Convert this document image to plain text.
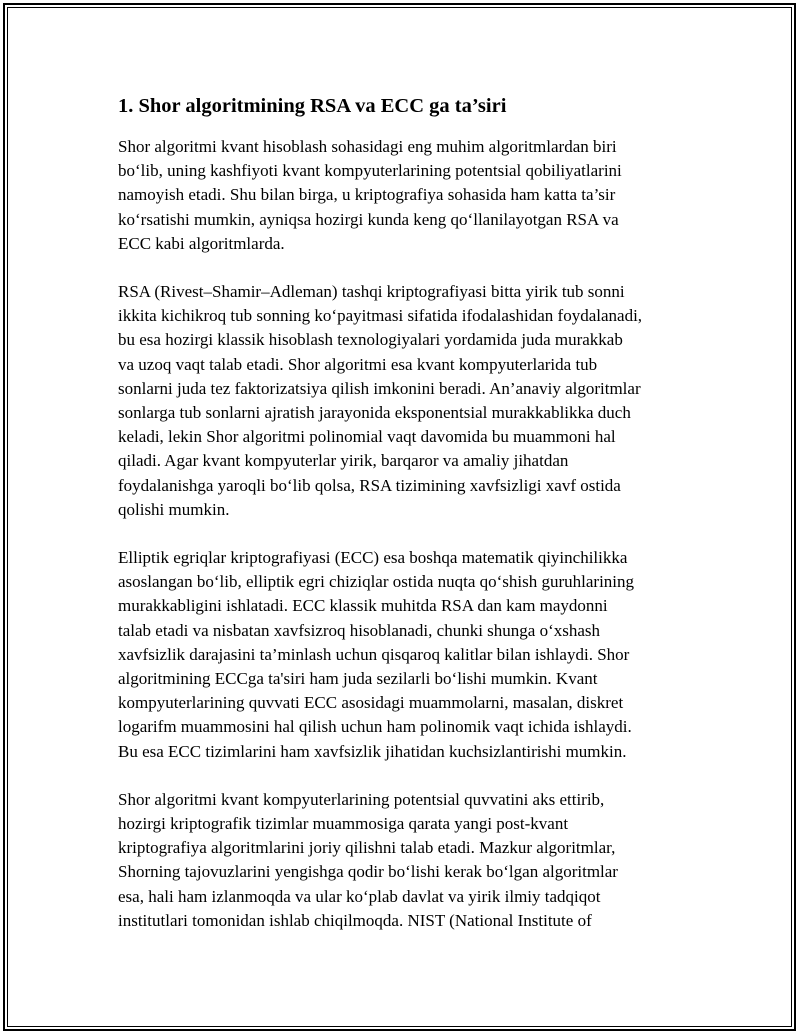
1. Shor algoritmining RSA va ECC ga ta’siri

Shor algoritmi kvant hisoblash sohasidagi eng muhim algoritmlardan biri
bo‘lib, uning kashfiyoti kvant kompyuterlarining potentsial qobiliyatlarini
namoyish etadi. Shu bilan birga, u kriptografiya sohasida ham katta ta’sir
ko‘rsatishi mumkin, ayniqsa hozirgi kunda keng qo‘llanilayotgan RSA va
ECC kabi algoritmlarda.

RSA (Rivest–Shamir–Adleman) tashqi kriptografiyasi bitta yirik tub sonni
ikkita kichikroq tub sonning ko‘payitmasi sifatida ifodalashidan foydalanadi,
bu esa hozirgi klassik hisoblash texnologiyalari yordamida juda murakkab
va uzoq vaqt talab etadi. Shor algoritmi esa kvant kompyuterlarida tub
sonlarni juda tez faktorizatsiya qilish imkonini beradi. An’anaviy algoritmlar
sonlarga tub sonlarni ajratish jarayonida eksponentsial murakkablikka duch
keladi, lekin Shor algoritmi polinomial vaqt davomida bu muammoni hal
qiladi. Agar kvant kompyuterlar yirik, barqaror va amaliy jihatdan
foydalanishga yaroqli bo‘lib qolsa, RSA tizimining xavfsizligi xavf ostida
qolishi mumkin.

Elliptik egriqlar kriptografiyasi (ECC) esa boshqa matematik qiyinchilikka
asoslangan bo‘lib, elliptik egri chiziqlar ostida nuqta qo‘shish guruhlarining
murakkabligini ishlatadi. ECC klassik muhitda RSA dan kam maydonni
talab etadi va nisbatan xavfsizroq hisoblanadi, chunki shunga o‘xshash
xavfsizlik darajasini ta’minlash uchun qisqaroq kalitlar bilan ishlaydi. Shor
algoritmining ECCga ta'siri ham juda sezilarli bo‘lishi mumkin. Kvant
kompyuterlarining quvvati ECC asosidagi muammolarni, masalan, diskret
logarifm muammosini hal qilish uchun ham polinomik vaqt ichida ishlaydi.
Bu esa ECC tizimlarini ham xavfsizlik jihatidan kuchsizlantirishi mumkin.

Shor algoritmi kvant kompyuterlarining potentsial quvvatini aks ettirib,
hozirgi kriptografik tizimlar muammosiga qarata yangi post-kvant
kriptografiya algoritmlarini joriy qilishni talab etadi. Mazkur algoritmlar,
Shorning tajovuzlarini yengishga qodir bo‘lishi kerak bo‘lgan algoritmlar
esa, hali ham izlanmoqda va ular ko‘plab davlat va yirik ilmiy tadqiqot
institutlari tomonidan ishlab chiqilmoqda. NIST (National Institute of
